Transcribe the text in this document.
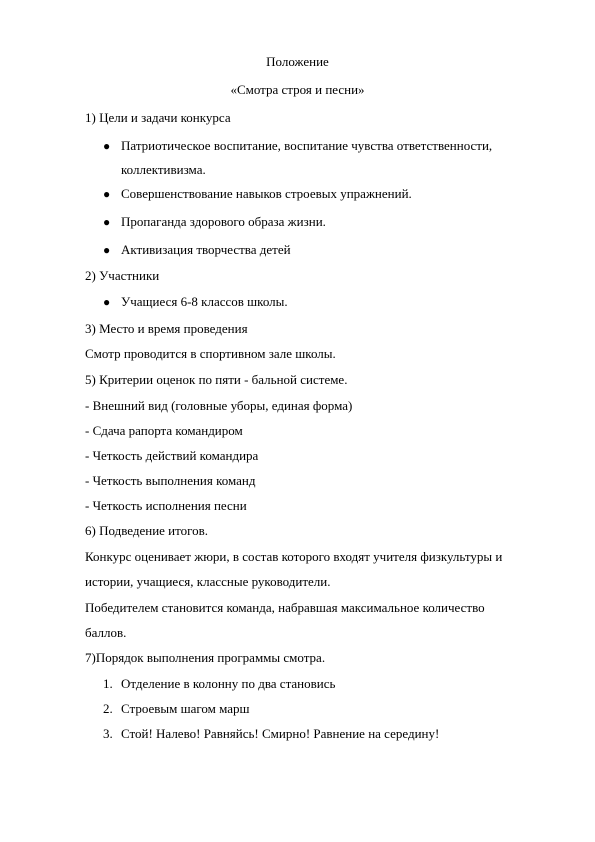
Положение
«Смотра строя и песни»
1) Цели и задачи конкурса
● Патриотическое воспитание, воспитание чувства ответственности,
коллективизма.
● Совершенствование навыков строевых упражнений.
● Пропаганда здорового образа жизни.
● Активизация творчества детей
2) Участники
● Учащиеся 6-8 классов школы.
3) Место и время проведения
Смотр проводится в спортивном зале школы.
5) Критерии оценок по пяти - бальной системе.
- Внешний вид (головные уборы, единая форма)
- Сдача рапорта командиром
- Четкость действий командира
- Четкость выполнения команд
- Четкость исполнения песни
6) Подведение итогов.
Конкурс оценивает жюри, в состав которого входят учителя физкультуры и
истории, учащиеся, классные руководители.
Победителем становится команда, набравшая максимальное количество
баллов.
7)Порядок выполнения программы смотра.
1. Отделение в колонну по два становись
2. Строевым шагом марш
3. Стой! Налево! Равняйсь! Смирно! Равнение на середину!
